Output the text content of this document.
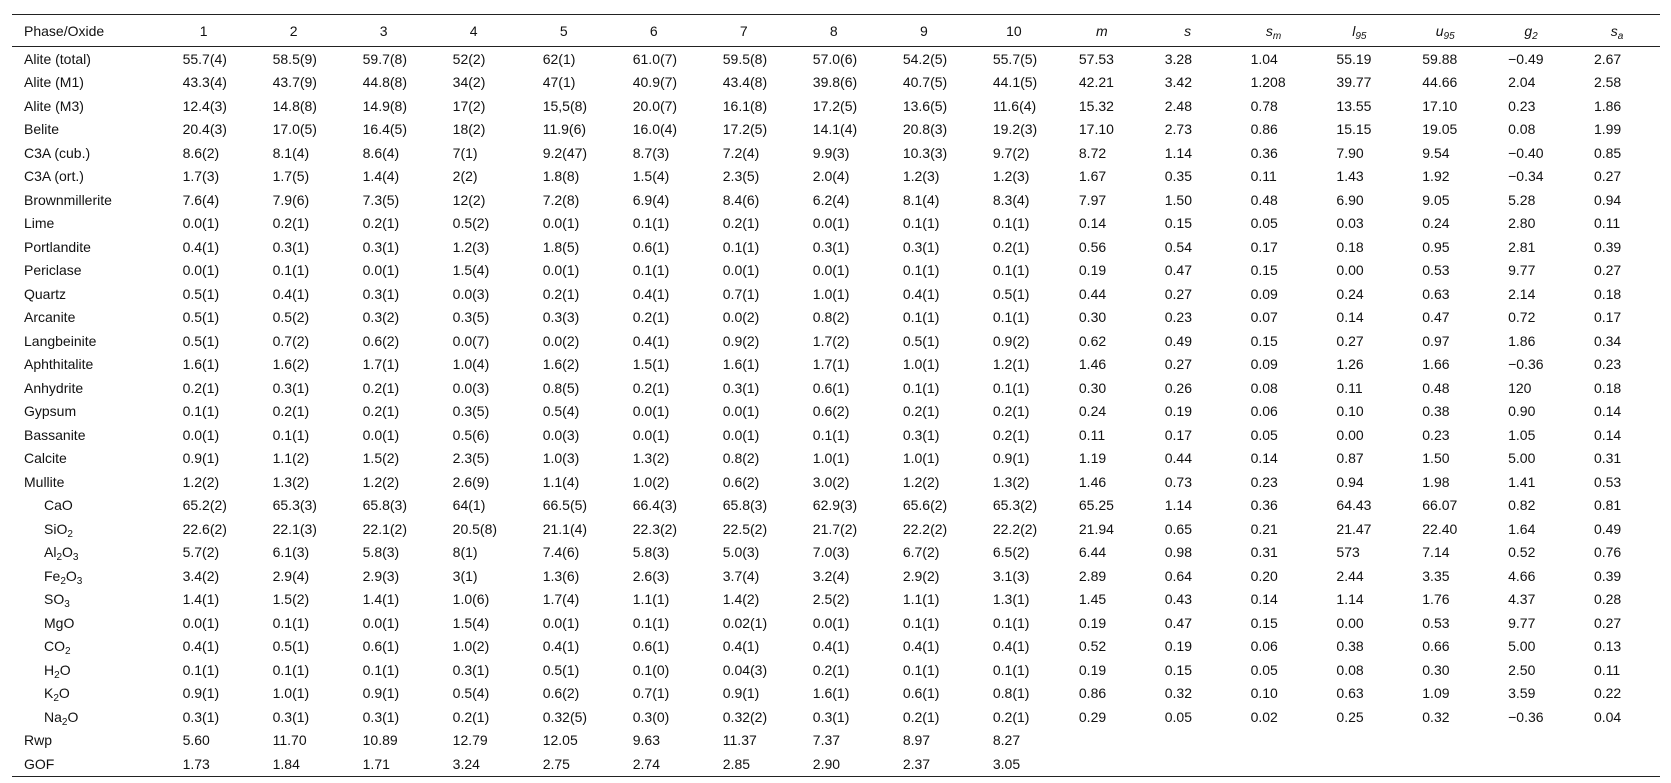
Phase/Oxide	1	2	3	4	5	6	7	8	9	10	m	s	$s_m$	$l_{95}$	$u_{95}$	$g_2$	$s_a$
Alite (total)	55.7(4)	58.5(9)	59.7(8)	52(2)	62(1)	61.0(7)	59.5(8)	57.0(6)	54.2(5)	55.7(5)	57.53	3.28	1.04	55.19	59.88	−0.49	2.67
Alite (M1)	43.3(4)	43.7(9)	44.8(8)	34(2)	47(1)	40.9(7)	43.4(8)	39.8(6)	40.7(5)	44.1(5)	42.21	3.42	1.208	39.77	44.66	2.04	2.58
Alite (M3)	12.4(3)	14.8(8)	14.9(8)	17(2)	15,5(8)	20.0(7)	16.1(8)	17.2(5)	13.6(5)	11.6(4)	15.32	2.48	0.78	13.55	17.10	0.23	1.86
Belite	20.4(3)	17.0(5)	16.4(5)	18(2)	11.9(6)	16.0(4)	17.2(5)	14.1(4)	20.8(3)	19.2(3)	17.10	2.73	0.86	15.15	19.05	0.08	1.99
C3A (cub.)	8.6(2)	8.1(4)	8.6(4)	7(1)	9.2(47)	8.7(3)	7.2(4)	9.9(3)	10.3(3)	9.7(2)	8.72	1.14	0.36	7.90	9.54	−0.40	0.85
C3A (ort.)	1.7(3)	1.7(5)	1.4(4)	2(2)	1.8(8)	1.5(4)	2.3(5)	2.0(4)	1.2(3)	1.2(3)	1.67	0.35	0.11	1.43	1.92	−0.34	0.27
Brownmillerite	7.6(4)	7.9(6)	7.3(5)	12(2)	7.2(8)	6.9(4)	8.4(6)	6.2(4)	8.1(4)	8.3(4)	7.97	1.50	0.48	6.90	9.05	5.28	0.94
Lime	0.0(1)	0.2(1)	0.2(1)	0.5(2)	0.0(1)	0.1(1)	0.2(1)	0.0(1)	0.1(1)	0.1(1)	0.14	0.15	0.05	0.03	0.24	2.80	0.11
Portlandite	0.4(1)	0.3(1)	0.3(1)	1.2(3)	1.8(5)	0.6(1)	0.1(1)	0.3(1)	0.3(1)	0.2(1)	0.56	0.54	0.17	0.18	0.95	2.81	0.39
Periclase	0.0(1)	0.1(1)	0.0(1)	1.5(4)	0.0(1)	0.1(1)	0.0(1)	0.0(1)	0.1(1)	0.1(1)	0.19	0.47	0.15	0.00	0.53	9.77	0.27
Quartz	0.5(1)	0.4(1)	0.3(1)	0.0(3)	0.2(1)	0.4(1)	0.7(1)	1.0(1)	0.4(1)	0.5(1)	0.44	0.27	0.09	0.24	0.63	2.14	0.18
Arcanite	0.5(1)	0.5(2)	0.3(2)	0.3(5)	0.3(3)	0.2(1)	0.0(2)	0.8(2)	0.1(1)	0.1(1)	0.30	0.23	0.07	0.14	0.47	0.72	0.17
Langbeinite	0.5(1)	0.7(2)	0.6(2)	0.0(7)	0.0(2)	0.4(1)	0.9(2)	1.7(2)	0.5(1)	0.9(2)	0.62	0.49	0.15	0.27	0.97	1.86	0.34
Aphthitalite	1.6(1)	1.6(2)	1.7(1)	1.0(4)	1.6(2)	1.5(1)	1.6(1)	1.7(1)	1.0(1)	1.2(1)	1.46	0.27	0.09	1.26	1.66	−0.36	0.23
Anhydrite	0.2(1)	0.3(1)	0.2(1)	0.0(3)	0.8(5)	0.2(1)	0.3(1)	0.6(1)	0.1(1)	0.1(1)	0.30	0.26	0.08	0.11	0.48	120	0.18
Gypsum	0.1(1)	0.2(1)	0.2(1)	0.3(5)	0.5(4)	0.0(1)	0.0(1)	0.6(2)	0.2(1)	0.2(1)	0.24	0.19	0.06	0.10	0.38	0.90	0.14
Bassanite	0.0(1)	0.1(1)	0.0(1)	0.5(6)	0.0(3)	0.0(1)	0.0(1)	0.1(1)	0.3(1)	0.2(1)	0.11	0.17	0.05	0.00	0.23	1.05	0.14
Calcite	0.9(1)	1.1(2)	1.5(2)	2.3(5)	1.0(3)	1.3(2)	0.8(2)	1.0(1)	1.0(1)	0.9(1)	1.19	0.44	0.14	0.87	1.50	5.00	0.31
Mullite	1.2(2)	1.3(2)	1.2(2)	2.6(9)	1.1(4)	1.0(2)	0.6(2)	3.0(2)	1.2(2)	1.3(2)	1.46	0.73	0.23	0.94	1.98	1.41	0.53
CaO	65.2(2)	65.3(3)	65.8(3)	64(1)	66.5(5)	66.4(3)	65.8(3)	62.9(3)	65.6(2)	65.3(2)	65.25	1.14	0.36	64.43	66.07	0.82	0.81
SiO$_2$	22.6(2)	22.1(3)	22.1(2)	20.5(8)	21.1(4)	22.3(2)	22.5(2)	21.7(2)	22.2(2)	22.2(2)	21.94	0.65	0.21	21.47	22.40	1.64	0.49
$Al_2O_3$	5.7(2)	6.1(3)	5.8(3)	8(1)	7.4(6)	5.8(3)	5.0(3)	7.0(3)	6.7(2)	6.5(2)	6.44	0.98	0.31	573	7.14	0.52	0.76
$Fe_2O_3$	3.4(2)	2.9(4)	2.9(3)	3(1)	1.3(6)	2.6(3)	3.7(4)	3.2(4)	2.9(2)	3.1(3)	2.89	0.64	0.20	2.44	3.35	4.66	0.39
$SO_3$	1.4(1)	1.5(2)	1.4(1)	1.0(6)	1.7(4)	1.1(1)	1.4(2)	2.5(2)	1.1(1)	1.3(1)	1.45	0.43	0.14	1.14	1.76	4.37	0.28
MgO	0.0(1)	0.1(1)	0.0(1)	1.5(4)	0.0(1)	0.1(1)	0.02(1)	0.0(1)	0.1(1)	0.1(1)	0.19	0.47	0.15	0.00	0.53	9.77	0.27
$CO_2$	0.4(1)	0.5(1)	0.6(1)	1.0(2)	0.4(1)	0.6(1)	0.4(1)	0.4(1)	0.4(1)	0.4(1)	0.52	0.19	0.06	0.38	0.66	5.00	0.13
$H_2O$	0.1(1)	0.1(1)	0.1(1)	0.3(1)	0.5(1)	0.1(0)	0.04(3)	0.2(1)	0.1(1)	0.1(1)	0.19	0.15	0.05	0.08	0.30	2.50	0.11
$K_2O$	0.9(1)	1.0(1)	0.9(1)	0.5(4)	0.6(2)	0.7(1)	0.9(1)	1.6(1)	0.6(1)	0.8(1)	0.86	0.32	0.10	0.63	1.09	3.59	0.22
$Na_2O$	0.3(1)	0.3(1)	0.3(1)	0.2(1)	0.32(5)	0.3(0)	0.32(2)	0.3(1)	0.2(1)	0.2(1)	0.29	0.05	0.02	0.25	0.32	−0.36	0.04
Rwp	5.60	11.70	10.89	12.79	12.05	9.63	11.37	7.37	8.97	8.27							
GOF	1.73	1.84	1.71	3.24	2.75	2.74	2.85	2.90	2.37	3.05							
